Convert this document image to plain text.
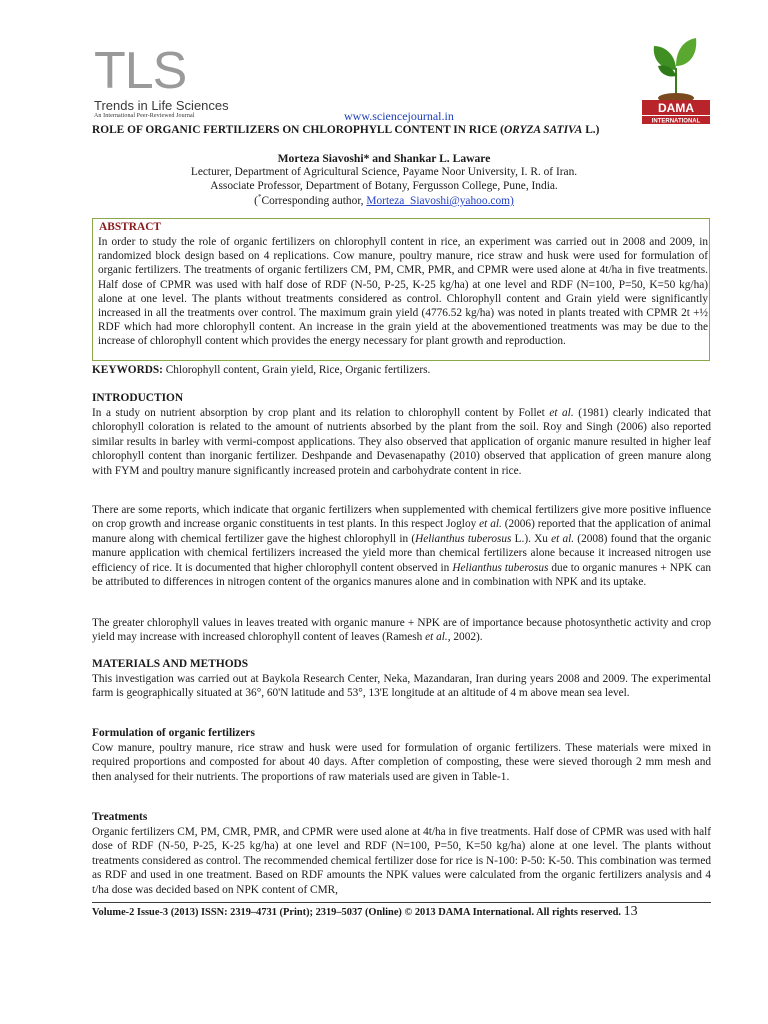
TLS
Trends in Life Sciences
An International Peer-Reviewed Journal	www.sciencejournal.in
DAMA
INTERNATIONAL
ROLE OF ORGANIC FERTILIZERS ON CHLOROPHYLL CONTENT IN RICE (ORYZA SATIVA L.)
Morteza Siavoshi* and Shankar L. Laware
Lecturer, Department of Agricultural Science, Payame Noor University, I. R. of Iran.
Associate Professor, Department of Botany, Fergusson College, Pune, India.
(*Corresponding author, Morteza_Siavoshi@yahoo.com)
ABSTRACT
In order to study the role of organic fertilizers on chlorophyll content in rice, an experiment was carried out in 2008 and 2009, in randomized block design based on 4 replications. Cow manure, poultry manure, rice straw and husk were used for formulation of organic fertilizers. The treatments of organic fertilizers CM, PM, CMR, PMR, and CPMR were used alone at 4t/ha in five treatments. Half dose of CPMR was used with half dose of RDF (N-50, P-25, K-25 kg/ha) at one level and RDF (N=100, P=50, K=50 kg/ha) alone at one level. The plants without treatments considered as control. Chlorophyll content and Grain yield were significantly increased in all the treatments over control. The maximum grain yield (4776.52 kg/ha) was noted in plants treated with CPMR 2t +½ RDF which had more chlorophyll content. An increase in the grain yield at the abovementioned treatments was may be due to the increase of chlorophyll content which provides the energy necessary for plant growth and reproduction.
KEYWORDS: Chlorophyll content, Grain yield, Rice, Organic fertilizers.
INTRODUCTION
In a study on nutrient absorption by crop plant and its relation to chlorophyll content by Follet et al. (1981) clearly indicated that chlorophyll coloration is related to the amount of nutrients absorbed by the plant from the soil. Roy and Singh (2006) also reported similar results in barley with vermi-compost applications. They also observed that application of organic manure resulted in higher leaf chlorophyll content than inorganic fertilizer. Deshpande and Devasenapathy (2010) observed that application of green manure along with FYM and poultry manure significantly increased protein and carbohydrate content in rice.
There are some reports, which indicate that organic fertilizers when supplemented with chemical fertilizers give more positive influence on crop growth and increase organic constituents in test plants. In this respect Jogloy et al. (2006) reported that the application of animal manure along with chemical fertilizer gave the highest chlorophyll in (Helianthus tuberosus L.). Xu et al. (2008) found that the organic manure application with chemical fertilizers increased the yield more than chemical fertilizers alone because it increased nitrogen use efficiency of rice. It is documented that higher chlorophyll content observed in Helianthus tuberosus due to organic manures + NPK can be attributed to differences in nitrogen content of the organics manures alone and in combination with NPK and its uptake.
The greater chlorophyll values in leaves treated with organic manure + NPK are of importance because photosynthetic activity and crop yield may increase with increased chlorophyll content of leaves (Ramesh et al., 2002).
MATERIALS AND METHODS
This investigation was carried out at Baykola Research Center, Neka, Mazandaran, Iran during years 2008 and 2009. The experimental farm is geographically situated at 36°, 60'N latitude and 53°, 13'E longitude at an altitude of 4 m above mean sea level.
Formulation of organic fertilizers
Cow manure, poultry manure, rice straw and husk were used for formulation of organic fertilizers. These materials were mixed in required proportions and composted for about 40 days. After completion of composting, these were sieved thorough 2 mm mesh and then analysed for their nutrients. The proportions of raw materials used are given in Table-1.
Treatments
Organic fertilizers CM, PM, CMR, PMR, and CPMR were used alone at 4t/ha in five treatments. Half dose of CPMR was used with half dose of RDF (N-50, P-25, K-25 kg/ha) at one level and RDF (N=100, P=50, K=50 kg/ha) alone at one level. The plants without treatments considered as control. The recommended chemical fertilizer dose for rice is N-100: P-50: K-50. This combination was termed as RDF and used in one treatment. Based on RDF amounts the NPK values were calculated from the organic fertilizers analysis and 4 t/ha dose was decided based on NPK content of CMR,
Volume-2 Issue-3 (2013) ISSN: 2319–4731 (Print); 2319–5037 (Online) © 2013 DAMA International. All rights reserved. 13
